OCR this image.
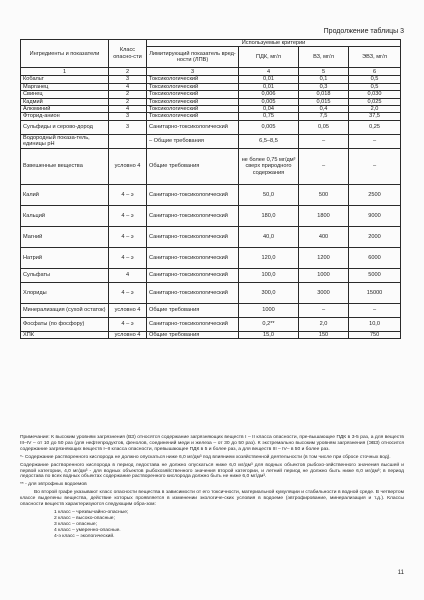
Продолжение таблицы 3
Ингредиенты и показатели	Класс опасно-сти	Используемые критерии			
		Лимитирующий показатель вред-ности (ЛПВ)	ПДК, мг/л	ВЗ, мг/л	ЭВЗ, мг/л
1	2	3	4	5	6
Кобальт	3	Токсикологический	0,01	0,1	0,5
Марганец	4	Токсикологический	0,01	0,3	0,5
Свинец	2	Токсикологический	0,006	0,018	0,030
Кадмий	2	Токсикологический	0,005	0,015	0,025
Алюминий	4	Токсикологический	0,04	0,4	2,0
Фторид-анион	3	Токсикологический	0,75	7,5	37,5
Сульфиды и серово-дород	3	Санитарно-токсикологический	0,005	0,05	0,25
Водородный показа-тель, единицы pH		– Общие требования	6,5–8,5	–	–
Взвешенные вещества	условно 4	Общие требования	не более 0,75 мг/дм³ сверх природного содержания	–	–
Калий	4 – э	Санитарно-токсикологический	50,0	500	2500
Кальций	4 – э	Санитарно-токсикологический	180,0	1800	9000
Магний	4 – э	Санитарно-токсикологический	40,0	400	2000
Натрий	4 – э	Санитарно-токсикологический	120,0	1200	6000
Сульфаты	4	Санитарно-токсикологический	100,0	1000	5000
Хлориды	4 – э	Санитарно-токсикологический	300,0	3000	15000
Минерализация (сухой остаток)	условно 4	Общие требования	1000	–	–
Фосфаты (по фосфору)	4 – э	Санитарно-токсикологический	0,2**	2,0	10,0
ХПК	условно 4	Общие требования	15,0	150	750

Примечание: К высоким уровням загрязнения (ВЗ) относятся содержание загрязняющих веществ I – II класса опасности, пре-вышающее ПДК в 3-5 раз, а для веществ III–IV – от 10 до 50 раз (для нефтепродуктов, фенолов, соединений меди и железа – от 30 до 50 раз). К экстремально высоким уровням загрязнения (ЭВЗ) относится содержание загрязняющих веществ I–II класса опасности, превышающее ПДК в 5 и более раз, а для веществ III – IV– в 50 и более раз.

*- Содержание растворенного кислорода не должно опускаться ниже 6,0 мг/дм³ под влиянием хозяйственной деятельности (в том числе при сбросе сточных вод).

Содержание растворенного кислорода в период ледостава не должно опускаться ниже 6,0 мг/дм³ для водных объектов рыбохо-зяйственного значения высшей и первой категории, 4,0 мг/дм³ - для водных объектов рыбохозяйственного значения второй категории, и летний период не должно быть ниже 6,0 мг/дм³; в период ледостава по всех водных объектах содержание растворенного кислорода должно быть не ниже 6,0 мг/дм³.

** - для эвтрофных водоемов

Во второй графе указывают класс опасности вещества в зависимости от его токсичности, материальной кумуляции и стабильности в водной среде. В четвертом классе выделены вещества, действие которых проявляется в изменении экологиче-ских условия в водоеме (эвтрофирование, минерализация и т.д.). Классы опасности веществ характеризуются следующим обра-зом:

1 класс – чрезвычайно-опасные;
2 класс – высоко-опасные;
3 класс – опасные;
4 класс – умеренно-опасные.
4-э класс – экологический.
11
